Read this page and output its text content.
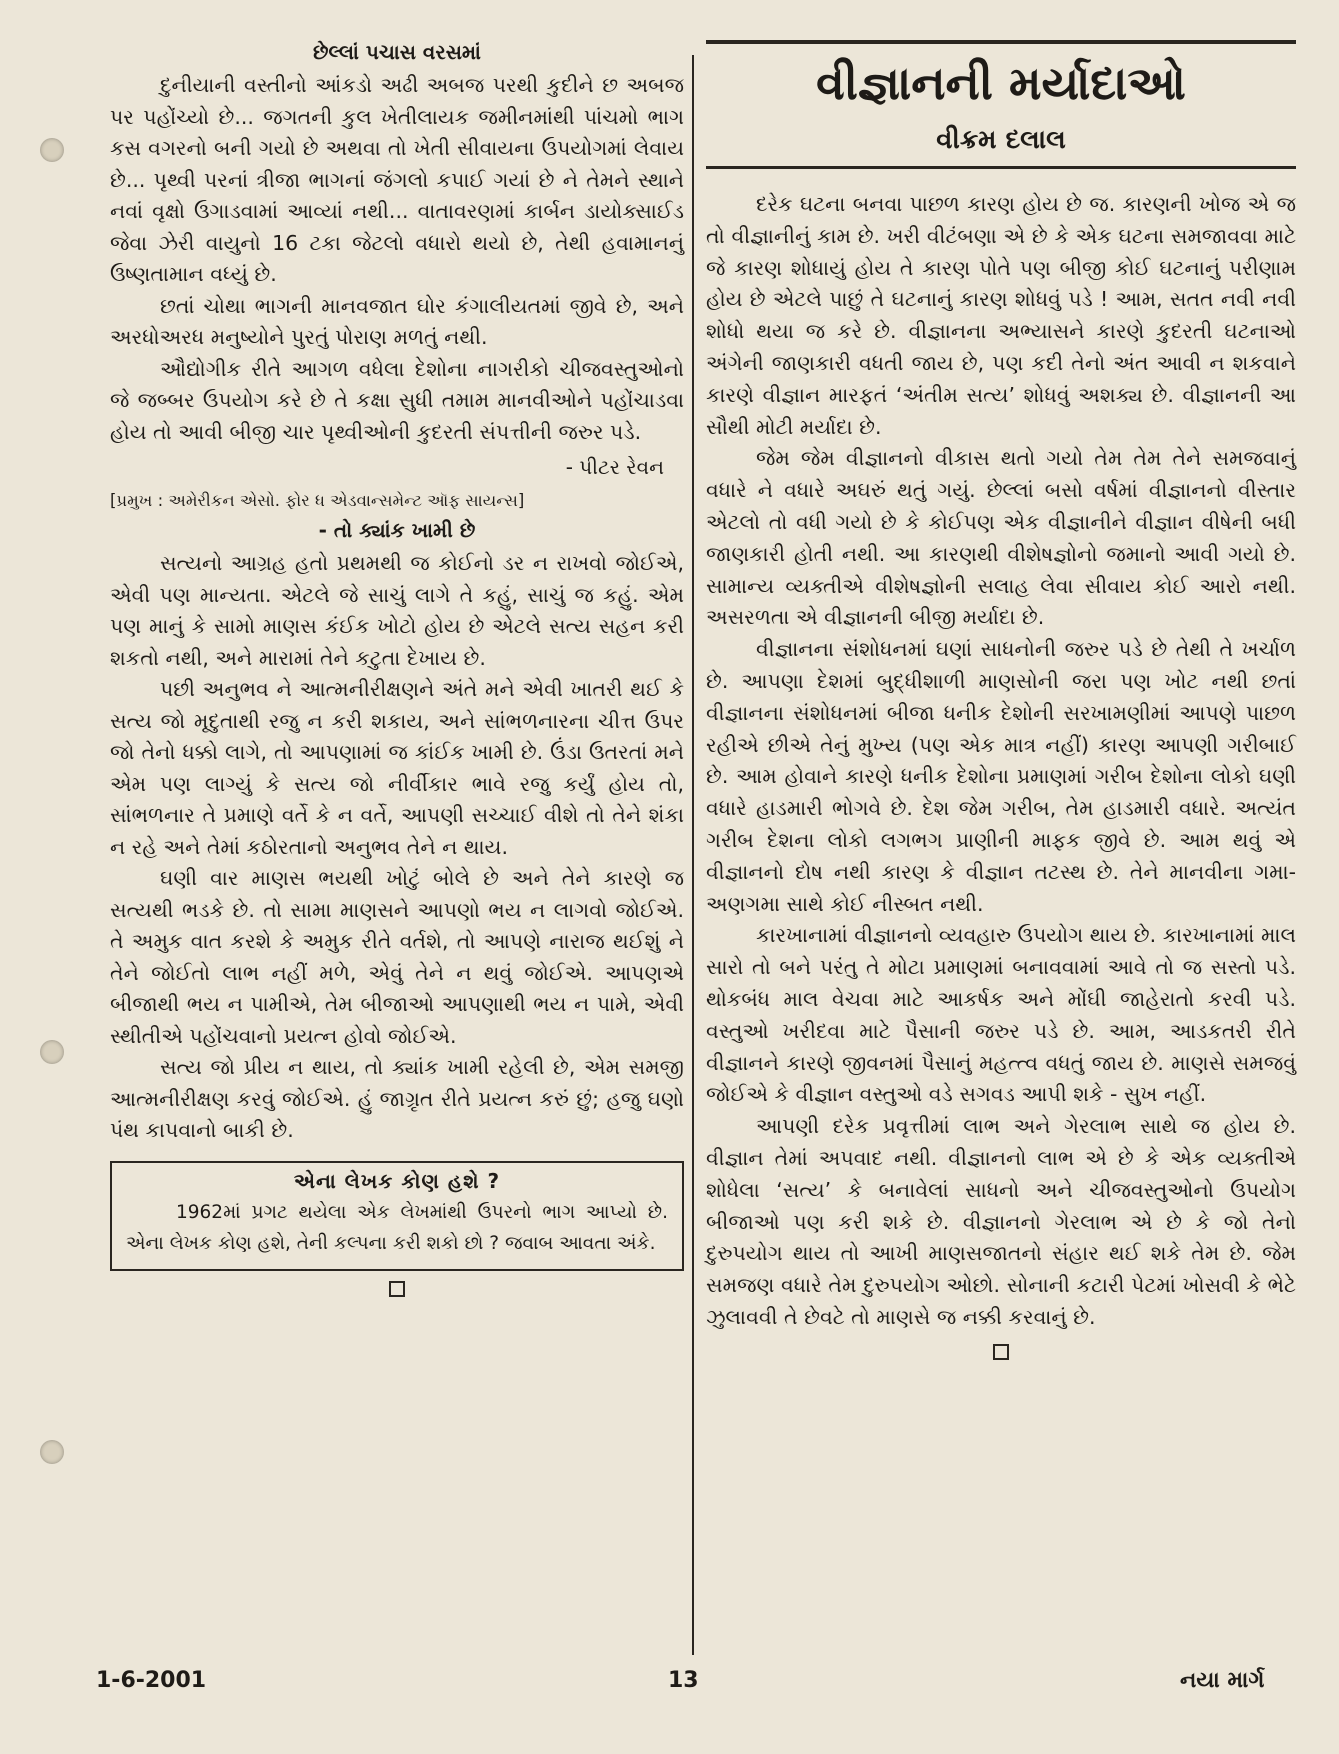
છેલ્લાં પચાસ વરસમાં

દુનીયાની વસ્તીનો આંકડો અઢી અબજ પરથી કુદીને છ અબજ પર પહોંચ્યો છે... જગતની કુલ ખેતીલાયક જમીનમાંથી પાંચમો ભાગ કસ વગરનો બની ગયો છે અથવા તો ખેતી સીવાયના ઉપયોગમાં લેવાય છે... પૃથ્વી પરનાં ત્રીજા ભાગનાં જંગલો કપાઈ ગયાં છે ને તેમને સ્થાને નવાં વૃક્ષો ઉગાડવામાં આવ્યાં નથી... વાતાવરણમાં કાર્બન ડાયોક્સાઈડ જેવા ઝેરી વાયુનો 16 ટકા જેટલો વધારો થયો છે, તેથી હવામાનનું ઉષ્ણતામાન વધ્યું છે.

છતાં ચોથા ભાગની માનવજાત ઘોર કંગાલીયતમાં જીવે છે, અને અરધોઅરધ મનુષ્યોને પુરતું પોરાણ મળતું નથી.

ઔદ્યોગીક રીતે આગળ વધેલા દેશોના નાગરીકો ચીજવસ્તુઓનો જે જબ્બર ઉપયોગ કરે છે તે કક્ષા સુધી તમામ માનવીઓને પહોંચાડવા હોય તો આવી બીજી ચાર પૃથ્વીઓની કુદરતી સંપત્તીની જરુર પડે.

- પીટર રેવન
[પ્રમુખ : અમેરીકન એસો. ફોર ધ એડવાન્સમેન્ટ ઑફ સાયન્સ]
- તો ક્યાંક ખામી છે

સત્યનો આગ્રહ હતો પ્રથમથી જ કોઈનો ડર ન રાખવો જોઈએ, એવી પણ માન્યતા. એટલે જે સાચું લાગે તે કહું, સાચું જ કહું. એમ પણ માનું કે સામો માણસ કંઈક ખોટો હોય છે એટલે સત્ય સહન કરી શકતો નથી, અને મારામાં તેને કટુતા દેખાય છે.

પછી અનુભવ ને આત્મનીરીક્ષણને અંતે મને એવી ખાતરી થઈ કે સત્ય જો મૃદુતાથી રજુ ન કરી શકાય, અને સાંભળનારના ચીત્ત ઉપર જો તેનો ધક્કો લાગે, તો આપણામાં જ કાંઈક ખામી છે. ઉંડા ઉતરતાં મને એમ પણ લાગ્યું કે સત્ય જો નીર્વીકાર ભાવે રજુ કર્યું હોય તો, સાંભળનાર તે પ્રમાણે વર્તે કે ન વર્તે, આપણી સચ્ચાઈ વીશે તો તેને શંકા ન રહે અને તેમાં કઠોરતાનો અનુભવ તેને ન થાય.

ઘણી વાર માણસ ભયથી ખોટું બોલે છે અને તેને કારણે જ સત્યથી ભડકે છે. તો સામા માણસને આપણો ભય ન લાગવો જોઈએ. તે અમુક વાત કરશે કે અમુક રીતે વર્તશે, તો આપણે નારાજ થઈશું ને તેને જોઈતો લાભ નહીં મળે, એવું તેને ન થવું જોઈએ. આપણએ બીજાથી ભય ન પામીએ, તેમ બીજાઓ આપણાથી ભય ન પામે, એવી સ્થીતીએ પહોંચવાનો પ્રયત્ન હોવો જોઈએ.

સત્ય જો પ્રીય ન થાય, તો ક્યાંક ખામી રહેલી છે, એમ સમજી આત્મનીરીક્ષણ કરવું જોઈએ. હું જાગ્રૃત રીતે પ્રયત્ન કરું છું; હજુ ઘણો પંથ કાપવાનો બાકી છે.

એના લેખક કોણ હશે ?

1962માં પ્રગટ થયેલા એક લેખમાંથી ઉપરનો ભાગ આપ્યો છે. એના લેખક કોણ હશે, તેની કલ્પના કરી શકો છો ? જવાબ આવતા અંકે.

વીજ્ઞાનની મર્યાદાઓ
વીક્રમ દલાલ

દરેક ઘટના બનવા પાછળ કારણ હોય છે જ. કારણની ખોજ એ જ તો વીજ્ઞાનીનું કામ છે. ખરી વીટંબણા એ છે કે એક ઘટના સમજાવવા માટે જે કારણ શોધાયું હોય તે કારણ પોતે પણ બીજી કોઈ ઘટનાનું પરીણામ હોય છે એટલે પાછું તે ઘટનાનું કારણ શોધવું પડે ! આમ, સતત નવી નવી શોધો થયા જ કરે છે. વીજ્ઞાનના અભ્યાસને કારણે કુદરતી ઘટનાઓ અંગેની જાણકારી વધતી જાય છે, પણ કદી તેનો અંત આવી ન શકવાને કારણે વીજ્ઞાન મારફતં ‘અંતીમ સત્ય’ શોધવું અશક્ય છે. વીજ્ઞાનની આ સૌથી મોટી મર્યાદા છે.

જેમ જેમ વીજ્ઞાનનો વીકાસ થતો ગયો તેમ તેમ તેને સમજવાનું વધારે ને વધારે અઘરું થતું ગયું. છેલ્લાં બસો વર્ષમાં વીજ્ઞાનનો વીસ્તાર એટલો તો વધી ગયો છે કે કોઈપણ એક વીજ્ઞાનીને વીજ્ઞાન વીષેની બધી જાણકારી હોતી નથી. આ કારણથી વીશેષજ્ઞોનો જમાનો આવી ગયો છે. સામાન્ય વ્યક્તીએ વીશેષજ્ઞોની સલાહ લેવા સીવાય કોઈ આરો નથી. અસરળતા એ વીજ્ઞાનની બીજી મર્યાદા છે.

વીજ્ઞાનના સંશોધનમાં ઘણાં સાધનોની જરુર પડે છે તેથી તે ખર્ચાળ છે. આપણા દેશમાં બુદ્ધીશાળી માણસોની જરા પણ ખોટ નથી છતાં વીજ્ઞાનના સંશોધનમાં બીજા ધનીક દેશોની સરખામણીમાં આપણે પાછળ રહીએ છીએ તેનું મુખ્ય (પણ એક માત્ર નહીં) કારણ આપણી ગરીબાઈ છે. આમ હોવાને કારણે ધનીક દેશોના પ્રમાણમાં ગરીબ દેશોના લોકો ઘણી વધારે હાડમારી ભોગવે છે. દેશ જેમ ગરીબ, તેમ હાડમારી વધારે. અત્યંત ગરીબ દેશના લોકો લગભગ પ્રાણીની માફક જીવે છે. આમ થવું એ વીજ્ઞાનનો દોષ નથી કારણ કે વીજ્ઞાન તટસ્થ છે. તેને માનવીના ગમા-અણગમા સાથે કોઈ નીસ્બત નથી.

કારખાનામાં વીજ્ઞાનનો વ્યવહારુ ઉપયોગ થાય છે. કારખાનામાં માલ સારો તો બને પરંતુ તે મોટા પ્રમાણમાં બનાવવામાં આવે તો જ સસ્તો પડે. થોકબંધ માલ વેચવા માટે આકર્ષક અને મોંઘી જાહેરાતો કરવી પડે. વસ્તુઓ ખરીદવા માટે પૈસાની જરુર પડે છે. આમ, આડકતરી રીતે વીજ્ઞાનને કારણે જીવનમાં પૈસાનું મહત્ત્વ વધતું જાય છે. માણસે સમજવું જોઈએ કે વીજ્ઞાન વસ્તુઓ વડે સગવડ આપી શકે - સુખ નહીં.

આપણી દરેક પ્રવૃત્તીમાં લાભ અને ગેરલાભ સાથે જ હોય છે. વીજ્ઞાન તેમાં અપવાદ નથી. વીજ્ઞાનનો લાભ એ છે કે એક વ્યક્તીએ શોધેલા ‘સત્ય’ કે બનાવેલાં સાધનો અને ચીજવસ્તુઓનો ઉપયોગ બીજાઓ પણ કરી શકે છે. વીજ્ઞાનનો ગેરલાભ એ છે કે જો તેનો દુરુપયોગ થાય તો આખી માણસજાતનો સંહાર થઈ શકે તેમ છે. જેમ સમજણ વધારે તેમ દુરુપયોગ ઓછો. સોનાની કટારી પેટમાં ખોસવી કે ભેટે ઝુલાવવી તે છેવટે તો માણસે જ નક્કી કરવાનું છે.

1-6-2001	13	નયા માર્ગ
